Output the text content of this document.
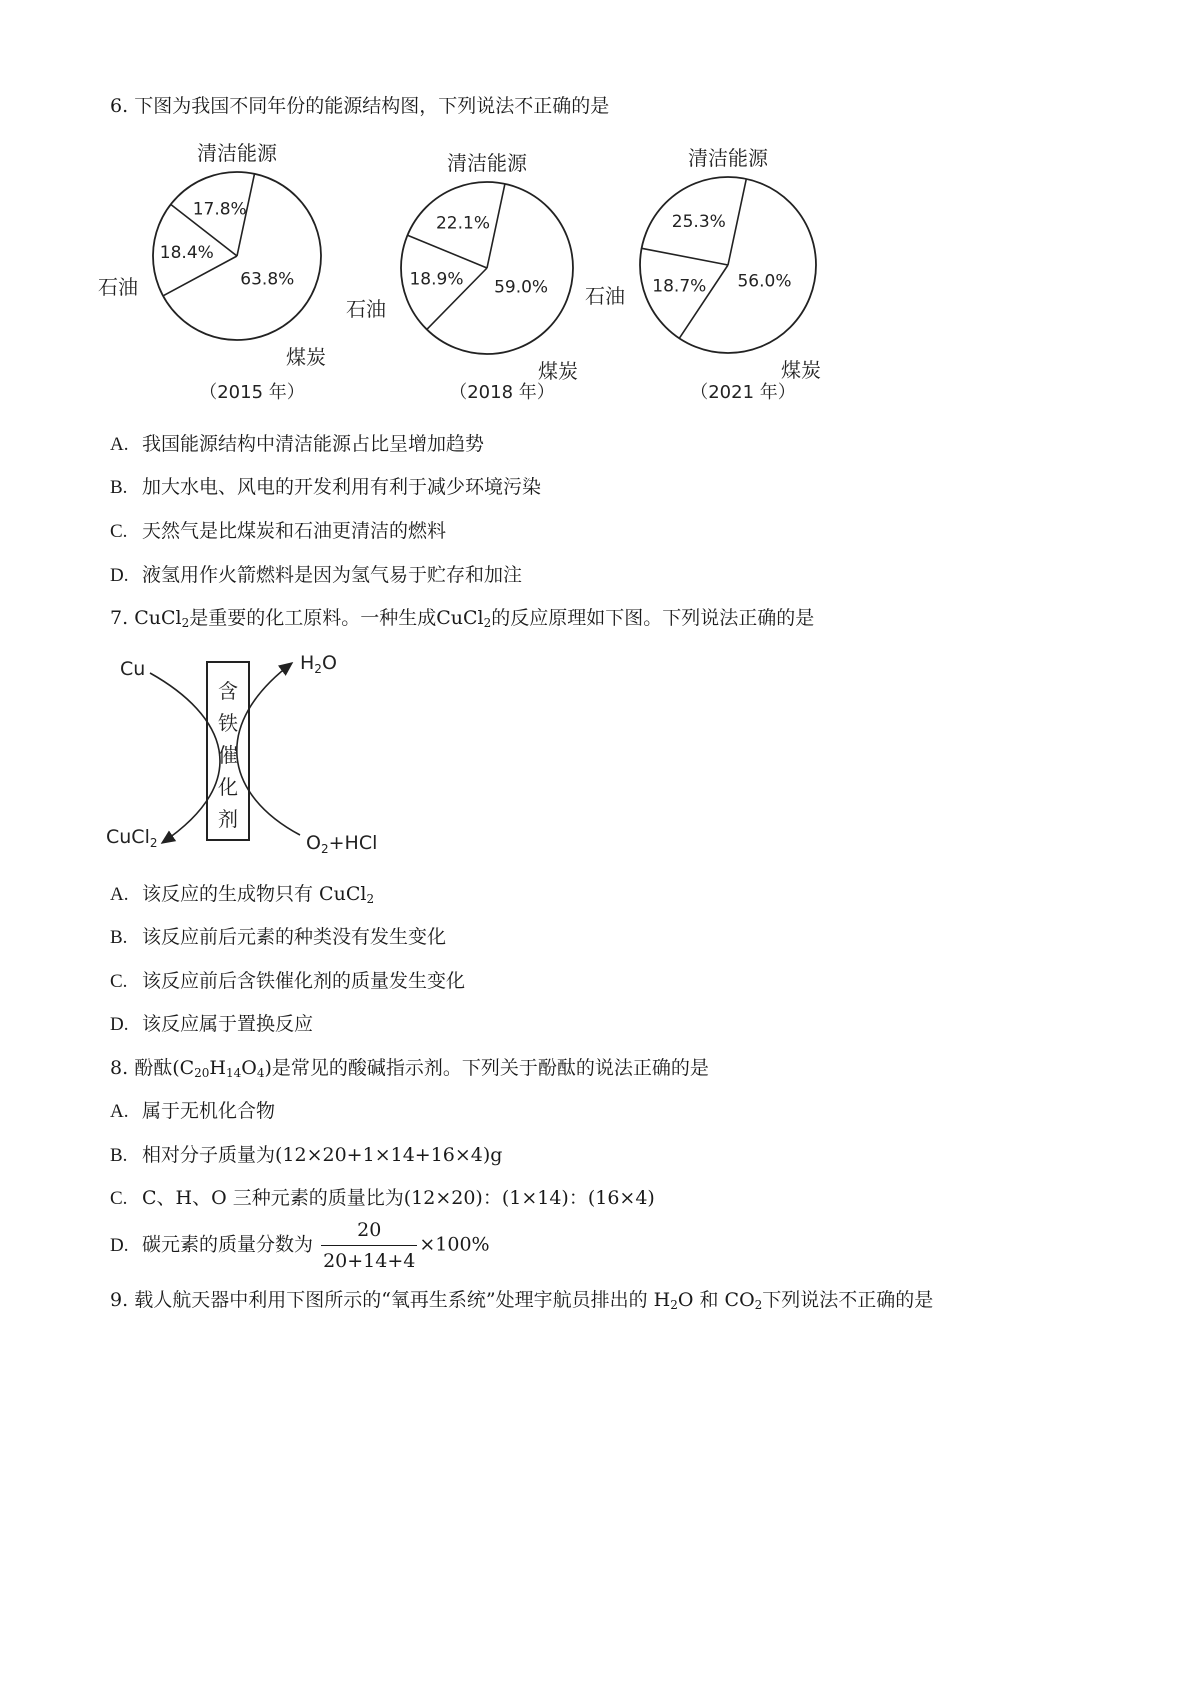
6. 下图为我国不同年份的能源结构图，下列说法不正确的是
17.8%
18.4%
63.8%
清洁能源
石油
煤炭
（2015 年）
22.1%
18.9% 59.0%
清洁能源
石油
煤炭
（2018 年）
25.3%
18.7% 56.0%
清洁能源
石油
煤炭
（2021 年）
A. 我国能源结构中清洁能源占比呈增加趋势
B. 加大水电、风电的开发利用有利于减少环境污染
C. 天然气是比煤炭和石油更清洁的燃料
D. 液氢用作火箭燃料是因为氢气易于贮存和加注
7. CuCl$_2$是重要的化工原料。一种生成CuCl$_2$的反应原理如下图。下列说法正确的是
含
铁
催
化
剂
Cu	$H_2O$
CuCl$_2$	$O_2+HCl$
A. 该反应的生成物只有 CuCl$_2$
B. 该反应前后元素的种类没有发生变化
C. 该反应前后含铁催化剂的质量发生变化
D. 该反应属于置换反应
8. 酚酞$(C_{20}H_{14}O_4)$是常见的酸碱指示剂。下列关于酚酞的说法正确的是
A. 属于无机化合物
B. 相对分子质量为(12×20+1×14+16×4)g
C. C、H、O 三种元素的质量比为(12×20)：(1×14)：(16×4)
D. 碳元素的质量分数为 $\frac{20}{20+14+4} \times 100\%$
9. 载人航天器中利用下图所示的“氧再生系统”处理宇航员排出的 $H_2O$ 和 $CO_2$下列说法不正确的是
